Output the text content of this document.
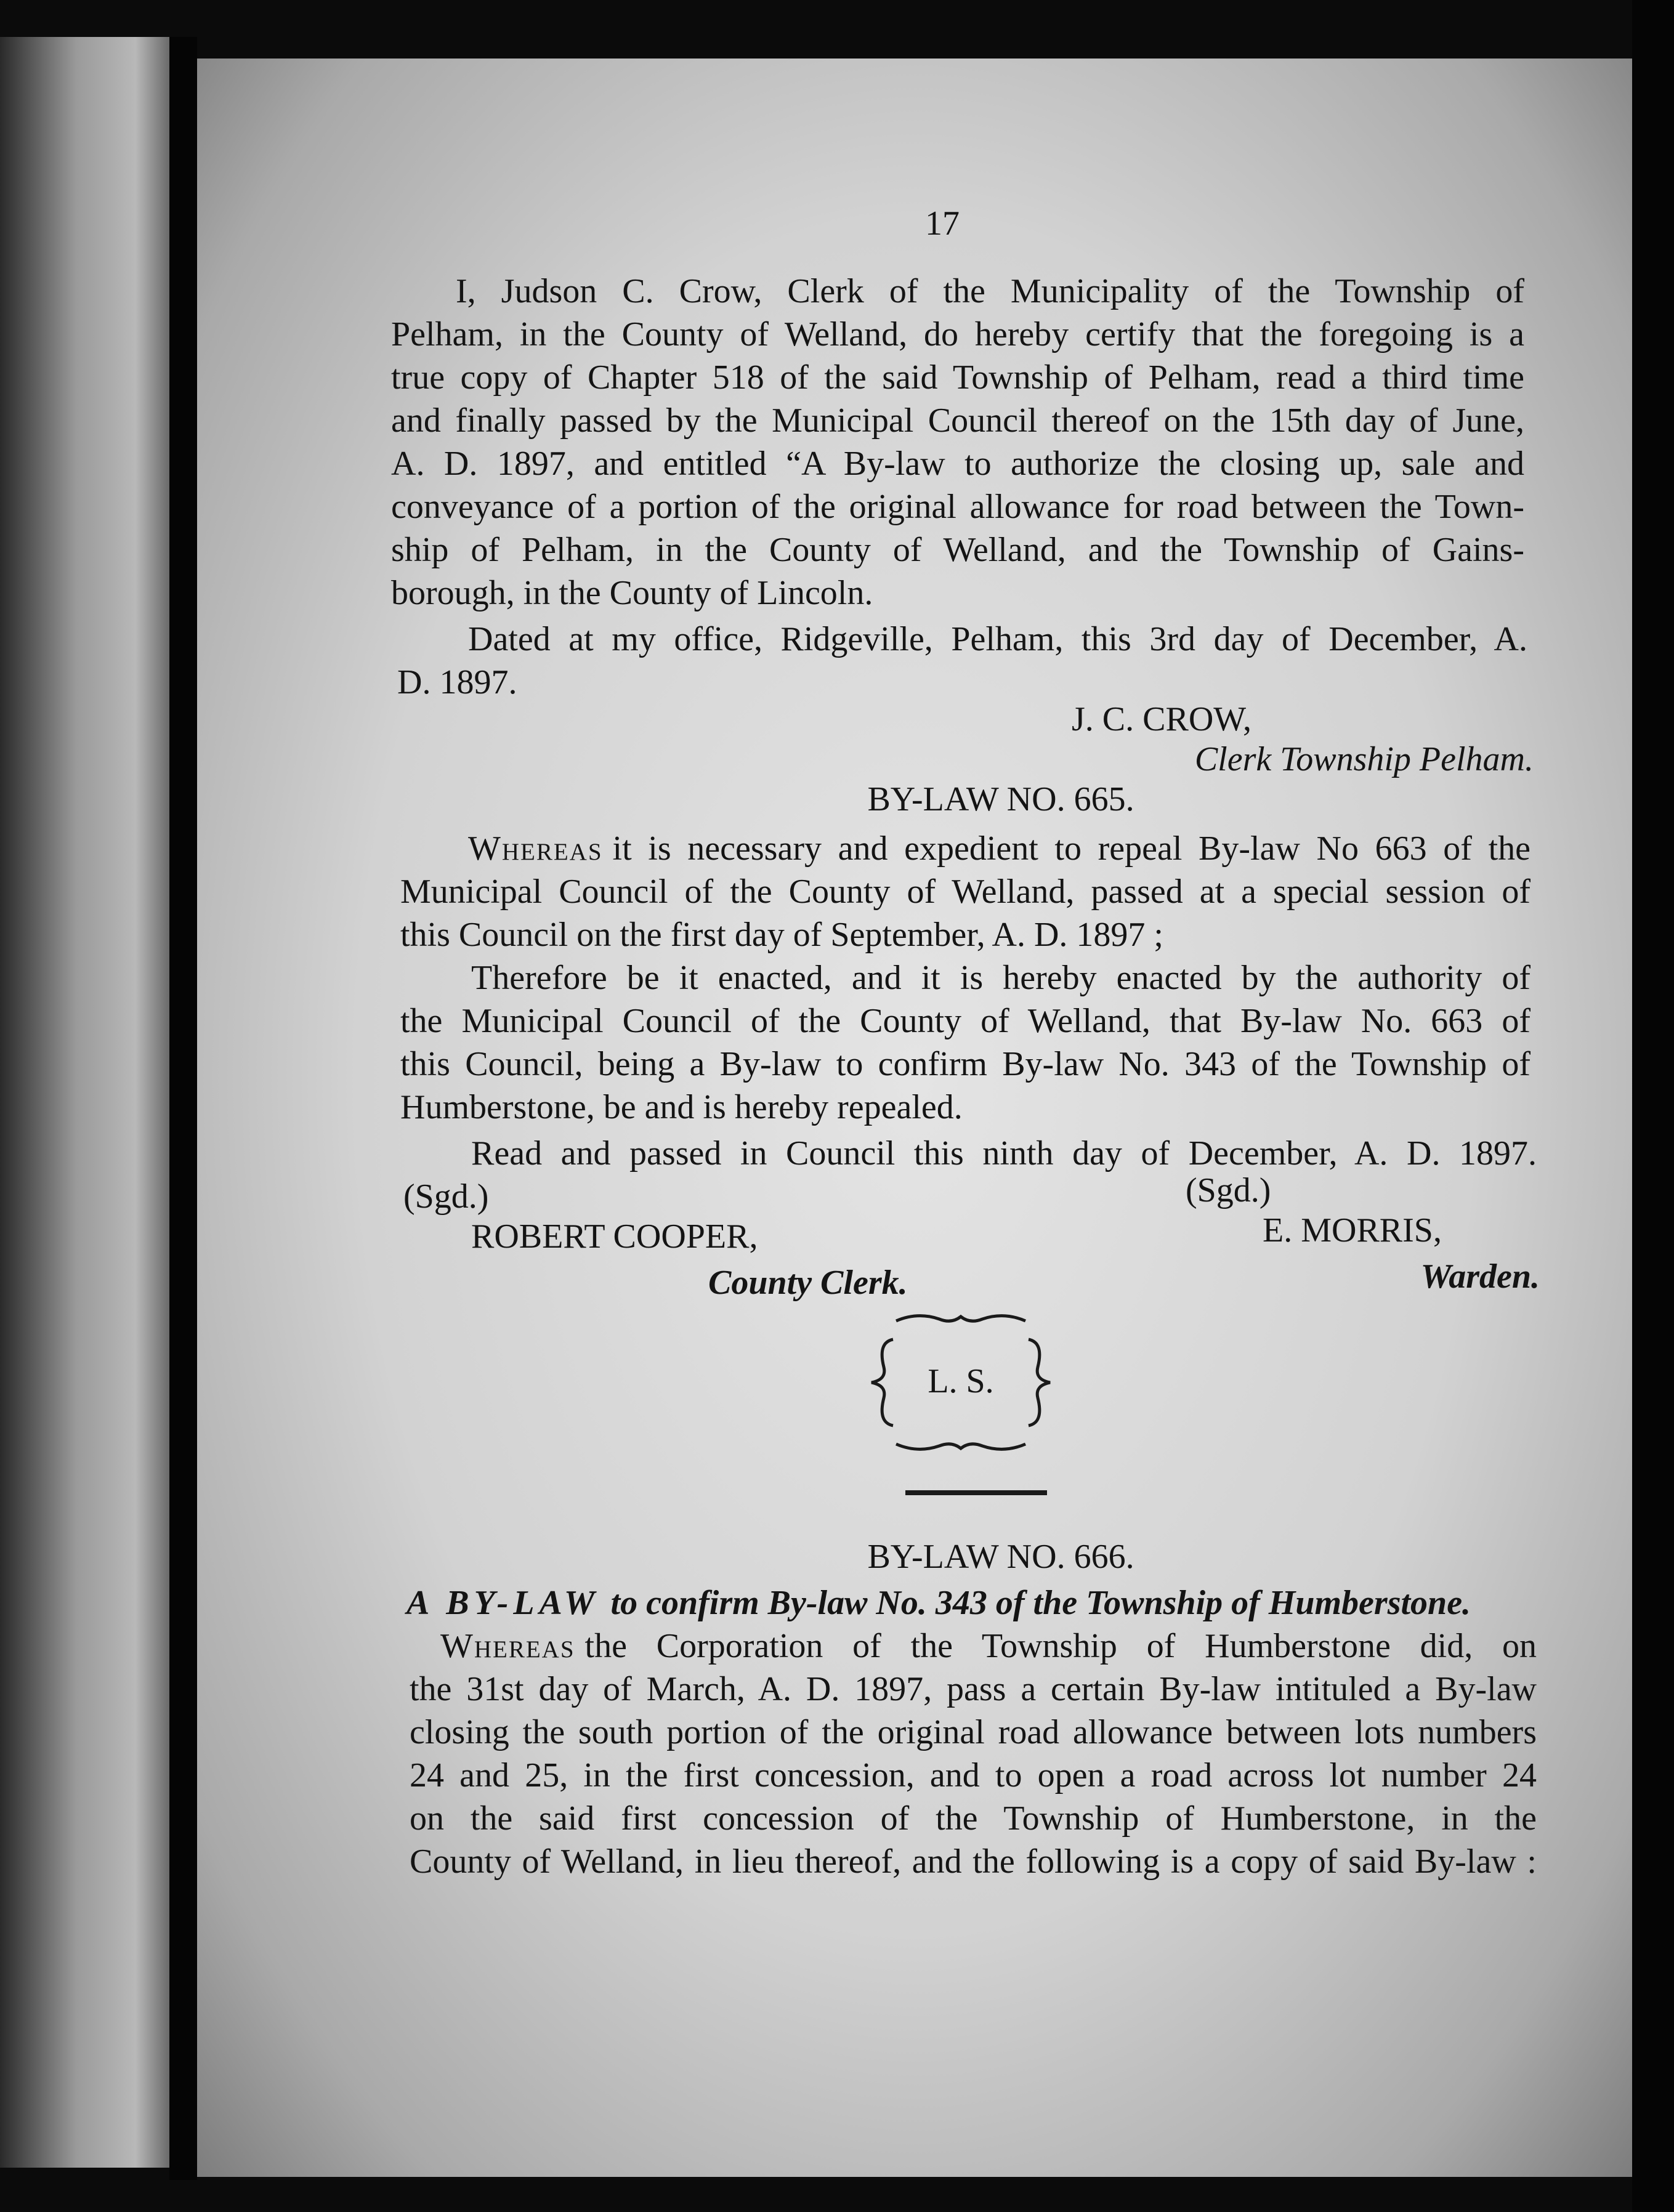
17
I, Judson C. Crow, Clerk of the Municipality of the Township of
Pelham, in the County of Welland, do hereby certify that the foregoing is a
true copy of Chapter 518 of the said Township of Pelham, read a third time
and finally passed by the Municipal Council thereof on the 15th day of June,
A. D. 1897, and entitled “A By-law to authorize the closing up, sale and
conveyance of a portion of the original allowance for road between the Town-
ship of Pelham, in the County of Welland, and the Township of Gains-
borough, in the County of Lincoln.
Dated at my office, Ridgeville, Pelham, this 3rd day of December, A.
D. 1897.
J. C. CROW,
Clerk Township Pelham.
BY-LAW NO. 665.
Whereas it is necessary and expedient to repeal By-law No 663 of the
Municipal Council of the County of Welland, passed at a special session of
this Council on the first day of September, A. D. 1897 ;
Therefore be it enacted, and it is hereby enacted by the authority of
the Municipal Council of the County of Welland, that By-law No. 663 of
this Council, being a By-law to confirm By-law No. 343 of the Township of
Humberstone, be and is hereby repealed.
Read and passed in Council this ninth day of December, A. D. 1897.
(Sgd.)	(Sgd.)
ROBERT COOPER,	E. MORRIS,
County Clerk.	Warden.
L. S.
BY-LAW NO. 666.
A BY-LAW to confirm By-law No. 343 of the Township of Humberstone.
Whereas the Corporation of the Township of Humberstone did, on
the 31st day of March, A. D. 1897, pass a certain By-law intituled a By-law
closing the south portion of the original road allowance between lots numbers
24 and 25, in the first concession, and to open a road across lot number 24
on the said first concession of the Township of Humberstone, in the
County of Welland, in lieu thereof, and the following is a copy of said By-law :
